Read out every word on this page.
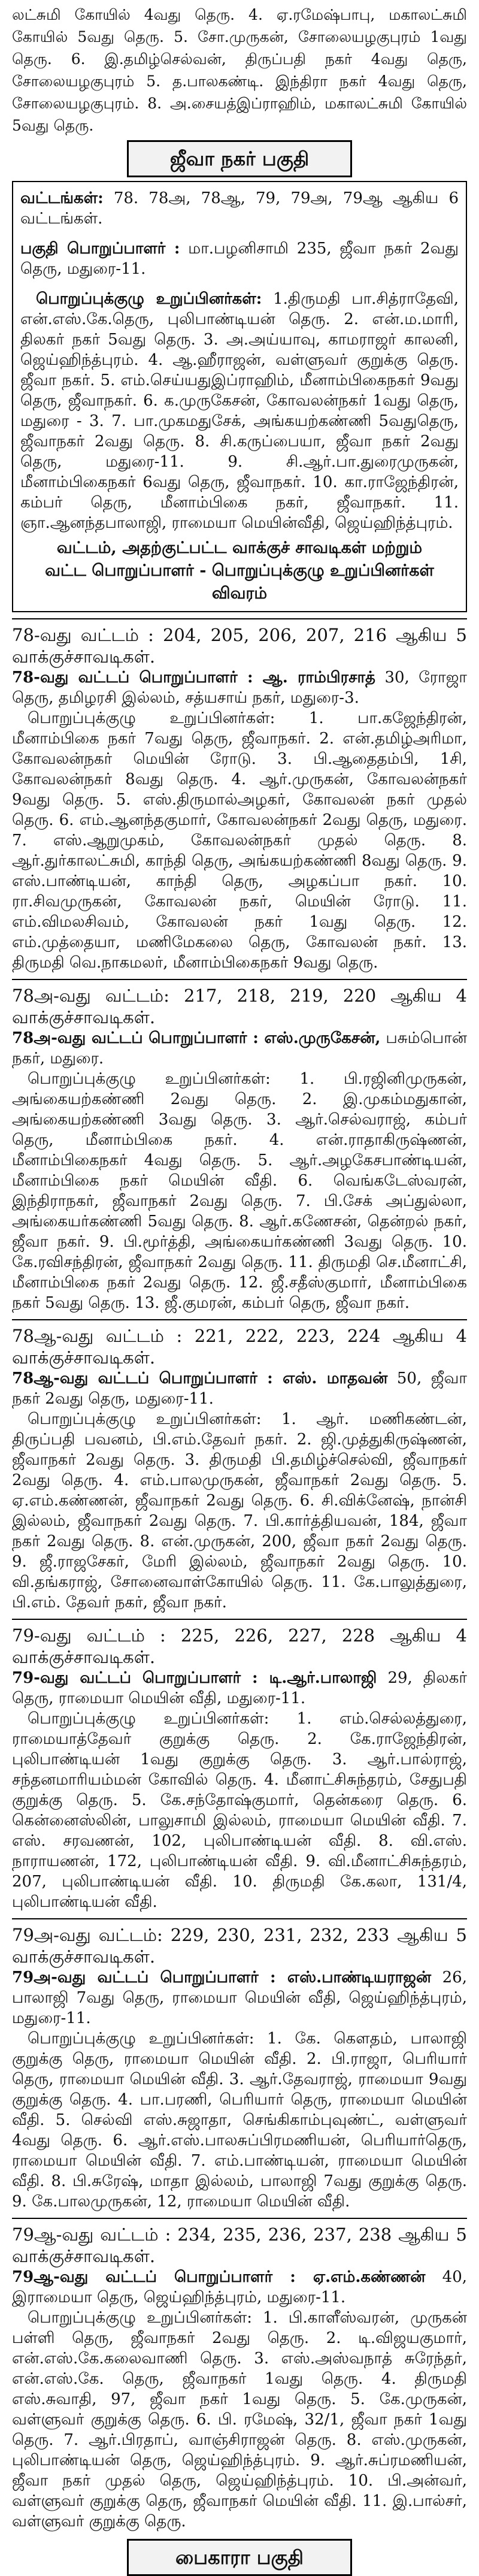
லட்சுமி கோயில் 4வது தெரு. 4. ஏ.ரமேஷ்பாபு, மகாலட்சுமி கோயில் 5வது தெரு. 5. சோ.முருகன், சோலையழகுபுரம் 1வது தெரு. 6. இ.தமிழ்செல்வன், திருப்பதி நகர் 4வது தெரு, சோலையழகுபுரம் 5. த.பாலகண்டி. இந்திரா நகர் 4வது தெரு, சோலையழகுபுரம். 8. அ.சையத்இப்ராஹிம், மகாலட்சுமி கோயில் 5வது தெரு.

ஜீவா நகர் பகுதி

வட்டங்கள்: 78. 78அ, 78ஆ, 79, 79அ, 79ஆ ஆகிய 6 வட்டங்கள்.

பகுதி பொறுப்பாளர் : மா.பழனிசாமி 235, ஜீவா நகர் 2வது தெரு, மதுரை-11.

பொறுப்புக்குழு உறுப்பினர்கள்: 1.திருமதி பா.சித்ராதேவி, என்.எஸ்.கே.தெரு, புலிபாண்டியன் தெரு. 2. என்.ம.மாரி, திலகர் நகர் 5வது தெரு. 3. அ.அய்யாவு, காமராஜர் காலனி, ஜெய்ஹிந்த்புரம். 4. ஆ.ஹீராஜன், வள்ளுவர் குறுக்கு தெரு. ஜீவா நகர். 5. எம்.செய்யதுஇப்ராஹிம், மீனாம்பிகைநகர் 9வது தெரு, ஜீவாநகர். 6. க.முருகேசன், கோவலன்நகர் 1வது தெரு, மதுரை - 3. 7. பா.முகமதுசேக், அங்கயற்கண்ணி 5வதுதெரு, ஜீவாநகர் 2வது தெரு. 8. சி.கருப்பையா, ஜீவா நகர் 2வது தெரு, மதுரை-11. 9. சி.ஆர்.பா.துரைமுருகன், மீனாம்பிகைநகர் 6வது தெரு, ஜீவாநகர். 10. கா.ராஜேந்திரன், கம்பர் தெரு, மீனாம்பிகை நகர், ஜீவாநகர். 11. ஞா.ஆனந்தபாலாஜி, ராமையா மெயின்வீதி, ஜெய்ஹிந்த்புரம்.

வட்டம், அதற்குட்பட்ட வாக்குச் சாவடிகள் மற்றும்
வட்ட பொறுப்பாளர் - பொறுப்புக்குழு உறுப்பினர்கள் விவரம்

78-வது வட்டம் : 204, 205, 206, 207, 216 ஆகிய 5 வாக்குச்சாவடிகள்.

78-வது வட்டப் பொறுப்பாளர் : ஆ. ராம்பிரசாத் 30, ரோஜா தெரு, தமிழரசி இல்லம், சத்யசாய் நகர், மதுரை-3.

பொறுப்புக்குழு உறுப்பினர்கள்: 1. பா.கஜேந்திரன், மீனாம்பிகை நகர் 7வது தெரு, ஜீவாநகர். 2. என்.தமிழ்அரிமா, கோவலன்நகர் மெயின் ரோடு. 3. பி.ஆதைதம்பி, 1சி, கோவலன்நகர் 8வது தெரு. 4. ஆர்.முருகன், கோவலன்நகர் 9வது தெரு. 5. எஸ்.திருமால்அழகர், கோவலன் நகர் முதல் தெரு. 6. எம்.ஆனந்தகுமார், கோவலன்நகர் 2வது தெரு, மதுரை. 7. எஸ்.ஆறுமுகம், கோவலன்நகர் முதல் தெரு. 8. ஆர்.துர்காலட்சுமி, காந்தி தெரு, அங்கயற்கண்ணி 8வது தெரு. 9. எஸ்.பாண்டியன், காந்தி தெரு, அழகப்பா நகர். 10. ரா.சிவமுருகன், கோவலன் நகர், மெயின் ரோடு. 11. எம்.விமலசிவம், கோவலன் நகர் 1வது தெரு. 12. எம்.முத்தையா, மணிமேகலை தெரு, கோவலன் நகர். 13. திருமதி வெ.நாகமலர், மீனாம்பிகைநகர் 9வது தெரு.

78அ-வது வட்டம்: 217, 218, 219, 220 ஆகிய 4 வாக்குச்சாவடிகள்.

78அ-வது வட்டப் பொறுப்பாளர் : எஸ்.முருகேசன், பசும்பொன் நகர், மதுரை.

பொறுப்புக்குழு உறுப்பினர்கள்: 1. பி.ரஜினிமுருகன், அங்கையற்கண்ணி 2வது தெரு. 2. இ.முகம்மதுகான், அங்கையற்கண்ணி 3வது தெரு. 3. ஆர்.செல்வராஜ், கம்பர் தெரு, மீனாம்பிகை நகர். 4. என்.ராதாகிருஷ்ணன், மீனாம்பிகைநகர் 4வது தெரு. 5. ஆர்.அழகேசபாண்டியன், மீனாம்பிகை நகர் மெயின் வீதி. 6. வெங்கடேஸ்வரன், இந்திராநகர், ஜீவாநகர் 2வது தெரு. 7. பி.சேக் அப்துல்லா, அங்கையர்கண்ணி 5வது தெரு. 8. ஆர்.கணேசன், தென்றல் நகர், ஜீவா நகர். 9. பி.மூர்த்தி, அங்கையர்கண்ணி 3வது தெரு. 10. கே.ரவிசந்திரன், ஜீவாநகர் 2வது தெரு. 11. திருமதி செ.மீனாட்சி, மீனாம்பிகை நகர் 2வது தெரு. 12. ஜீ.சதீஸ்குமார், மீனாம்பிகை நகர் 5வது தெரு. 13. ஜீ.குமரன், கம்பர் தெரு, ஜீவா நகர்.

78ஆ-வது வட்டம் : 221, 222, 223, 224 ஆகிய 4 வாக்குச்சாவடிகள்.

78ஆ-வது வட்டப் பொறுப்பாளர் : எஸ். மாதவன் 50, ஜீவா நகர் 2வது தெரு, மதுரை-11.

பொறுப்புக்குழு உறுப்பினர்கள்: 1. ஆர். மணிகண்டன், திருப்பதி பவனம், பி.எம்.தேவர் நகர். 2. ஜி.முத்துகிருஷ்ணன், ஜீவாநகர் 2வது தெரு. 3. திருமதி பி.தமிழ்ச்செல்வி, ஜீவாநகர் 2வது தெரு. 4. எம்.பாலமுருகன், ஜீவாநகர் 2வது தெரு. 5. ஏ.எம்.கண்ணன், ஜீவாநகர் 2வது தெரு. 6. சி.விக்னேஷ், நான்சி இல்லம், ஜீவாநகர் 2வது தெரு. 7. பி.கார்த்தியவன், 184, ஜீவா நகர் 2வது தெரு. 8. என்.முருகன், 200, ஜீவா நகர் 2வது தெரு. 9. ஜீ.ராஜசேகர், மேரி இல்லம், ஜீவாநகர் 2வது தெரு. 10. வி.தங்கராஜ், சோனைவாள்கோயில் தெரு. 11. கே.பாலுத்துரை, பி.எம். தேவர் நகர், ஜீவா நகர்.

79-வது வட்டம் : 225, 226, 227, 228 ஆகிய 4 வாக்குச்சாவடிகள்.

79-வது வட்டப் பொறுப்பாளர் : டி.ஆர்.பாலாஜி 29, திலகர் தெரு, ராமையா மெயின் வீதி, மதுரை-11.

பொறுப்புக்குழு உறுப்பினர்கள்: 1. எம்.செல்லத்துரை, ராமையாத்தேவர் குறுக்கு தெரு. 2. கே.ராஜேந்திரன், புலிபாண்டியன் 1வது குறுக்கு தெரு. 3. ஆர்.பால்ராஜ், சந்தனமாரியம்மன் கோவில் தெரு. 4. மீனாட்சிசுந்தரம், சேதுபதி குறுக்கு தெரு. 5. கே.சந்தோஷ்குமார், தென்கரை தெரு. 6. கென்னைஸ்லின், பாலுசாமி இல்லம், ராமையா மெயின் வீதி. 7. எஸ். சரவணன், 102, புலிபாண்டியன் வீதி. 8. வி.எஸ். நாராயணன், 172, புலிபாண்டியன் வீதி. 9. வி.மீனாட்சிசுந்தரம், 207, புலிபாண்டியன் வீதி. 10. திருமதி கே.கலா, 131/4, புலிபாண்டியன் வீதி.

79அ-வது வட்டம்: 229, 230, 231, 232, 233 ஆகிய 5 வாக்குச்சாவடிகள்.

79அ-வது வட்டப் பொறுப்பாளர் : எஸ்.பாண்டியராஜன் 26, பாலாஜி 7வது தெரு, ராமையா மெயின் வீதி, ஜெய்ஹிந்த்புரம், மதுரை-11.

பொறுப்புக்குழு உறுப்பினர்கள்: 1. கே. கௌதம், பாலாஜி குறுக்கு தெரு, ராமையா மெயின் வீதி. 2. பி.ராஜா, பெரியார் தெரு, ராமையா மெயின் வீதி. 3. ஆர்.தேவராஜ், ராமையா 9வது குறுக்கு தெரு. 4. பா.பரணி, பெரியார் தெரு, ராமையா மெயின் வீதி. 5. செல்வி எஸ்.சுஜாதா, செங்கிகாம்புவுண்ட், வள்ளுவர் 4வது தெரு. 6. ஆர்.எஸ்.பாலசுப்பிரமணியன், பெரியார்தெரு, ராமையா மெயின் வீதி. 7. எம்.பாண்டியன், ராமையா மெயின் வீதி. 8. பி.சுரேஷ், மாதா இல்லம், பாலாஜி 7வது குறுக்கு தெரு. 9. கே.பாலமுருகன், 12, ராமையா மெயின் வீதி.

79ஆ-வது வட்டம் : 234, 235, 236, 237, 238 ஆகிய 5 வாக்குச்சாவடிகள்.

79ஆ-வது வட்டப் பொறுப்பாளர் : ஏ.எம்.கண்ணன் 40, இராமையா தெரு, ஜெய்ஹிந்த்புரம், மதுரை-11.

பொறுப்புக்குழு உறுப்பினர்கள்: 1. பி.காளீஸ்வரன், முருகன் பள்ளி தெரு, ஜீவாநகர் 2வது தெரு. 2. டி.விஜயகுமார், என்.எஸ்.கே.கலைவாணி தெரு. 3. எஸ்.அஸ்வநாத் சுரேந்தர், என்.எஸ்.கே. தெரு, ஜீவாநகர் 1வது தெரு. 4. திருமதி எஸ்.சுவாதி, 97, ஜீவா நகர் 1வது தெரு. 5. கே.முருகன், வள்ளுவர் குறுக்கு தெரு. 6. பி. ரமேஷ், 32/1, ஜீவா நகர் 1வது தெரு. 7. ஆர்.பிரதாப், வாஞ்சிராஜன் தெரு. 8. எஸ்.முருகன், புலிபாண்டியன் தெரு, ஜெய்ஹிந்த்புரம். 9. ஆர்.சுப்ரமணியன், ஜீவா நகர் முதல் தெரு, ஜெய்ஹிந்த்புரம். 10. பி.அன்வர், வள்ளுவர் குறுக்கு தெரு, ஜீவாநகர் மெயின் வீதி. 11. இ.பால்சர், வள்ளுவர் குறுக்கு தெரு.

பைகாரா பகுதி
